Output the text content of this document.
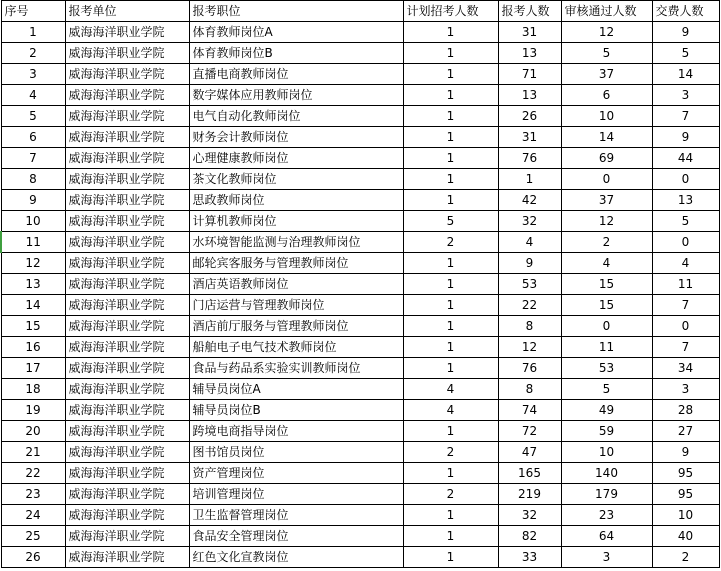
序号	报考单位	报考职位	计划招考人数	报考人数	审核通过人数	交费人数
1	威海海洋职业学院	体育教师岗位A	1	31	12	9
2	威海海洋职业学院	体育教师岗位B	1	13	5	5
3	威海海洋职业学院	直播电商教师岗位	1	71	37	14
4	威海海洋职业学院	数字媒体应用教师岗位	1	13	6	3
5	威海海洋职业学院	电气自动化教师岗位	1	26	10	7
6	威海海洋职业学院	财务会计教师岗位	1	31	14	9
7	威海海洋职业学院	心理健康教师岗位	1	76	69	44
8	威海海洋职业学院	茶文化教师岗位	1	1	0	0
9	威海海洋职业学院	思政教师岗位	1	42	37	13
10	威海海洋职业学院	计算机教师岗位	5	32	12	5
11	威海海洋职业学院	水环境智能监测与治理教师岗位	2	4	2	0
12	威海海洋职业学院	邮轮宾客服务与管理教师岗位	1	9	4	4
13	威海海洋职业学院	酒店英语教师岗位	1	53	15	11
14	威海海洋职业学院	门店运营与管理教师岗位	1	22	15	7
15	威海海洋职业学院	酒店前厅服务与管理教师岗位	1	8	0	0
16	威海海洋职业学院	船舶电子电气技术教师岗位	1	12	11	7
17	威海海洋职业学院	食品与药品系实验实训教师岗位	1	76	53	34
18	威海海洋职业学院	辅导员岗位A	4	8	5	3
19	威海海洋职业学院	辅导员岗位B	4	74	49	28
20	威海海洋职业学院	跨境电商指导岗位	1	72	59	27
21	威海海洋职业学院	图书馆员岗位	2	47	10	9
22	威海海洋职业学院	资产管理岗位	1	165	140	95
23	威海海洋职业学院	培训管理岗位	2	219	179	95
24	威海海洋职业学院	卫生监督管理岗位	1	32	23	10
25	威海海洋职业学院	食品安全管理岗位	1	82	64	40
26	威海海洋职业学院	红色文化宣教岗位	1	33	3	2
